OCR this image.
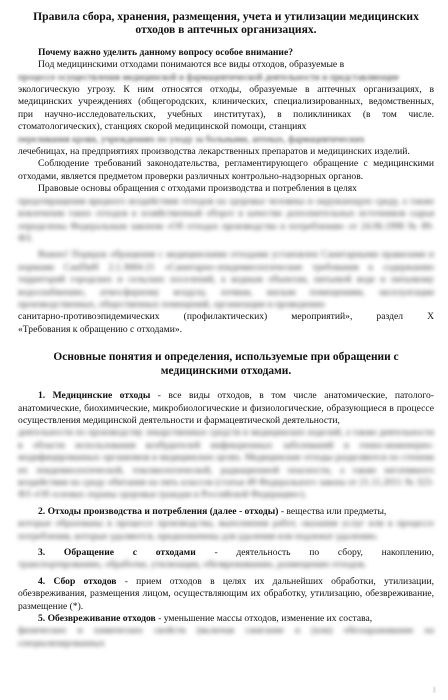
Правила сбора, хранения, размещения, учета и утилизации медицинских отходов в аптечных организациях.
Почему важно уделить данному вопросу особое внимание?

Под медицинскими отходами понимаются все виды отходов, образуемые в

процессе осуществления медицинской и фармацевтической деятельности и представляющие

экологическую угрозу. К ним относятся отходы, образуемые в аптечных организациях, в медицинских учреждениях (общегородских, клинических, специализированных, ведомственных, при научно-исследовательских, учебных институтах), в поликлиниках (в том числе. стоматологических), станциях скорой медицинской помощи, станциях

переливания крови, учреждениях по уходу за больными, аптеках, фармацевтических

лечебницах, на предприятиях производства лекарственных препаратов и медицинских изделий.

Соблюдение требований законодательства, регламентирующего обращение с медицинскими отходами, является предметом проверки различных контрольно-надзорных органов.

Правовые основы обращения с отходами производства и потребления в целях

предотвращения вредного воздействия отходов на здоровье человека и окружающую среду, а также вовлечения таких отходов в хозяйственный оборот в качестве дополнительных источников сырья определены Федеральным законом «Об отходах производства и потребления» от 24.06.1998 № 89-ФЗ.

Важно! Порядок обращения с медицинскими отходами установлен Санитарными правилами и нормами СанПиН 2.1.3684-21 «Санитарно-эпидемиологические требования к содержанию территорий городских и сельских поселений, к водным объектам, питьевой воде и питьевому водоснабжению, атмосферному воздуху, почвам, жилым помещениям, эксплуатации производственных, общественных помещений, организации и проведению

санитарно-противоэпидемических (профилактических) мероприятий», раздел X

«Требования к обращению с отходами».

Основные понятия и определения, используемые при обращении с медицинскими отходами.

1. Медицинские отходы - все виды отходов, в том числе анатомические, патолого-анатомические, биохимические, микробиологические и физиологические, образующиеся в процессе осуществления медицинской деятельности и фармацевтической деятельности,

деятельности по производству лекарственных средств и медицинских изделий, а также деятельности в области использования возбудителей инфекционных заболеваний и генно-инженерно-модифицированных организмов в медицинских целях. Медицинские отходы разделяются по степени их эпидемиологической, токсикологической, радиационной опасности, а также негативного воздействия на среду обитания на пять классов (статья 49 Федерального закона от 21.11.2011 № 323-ФЗ «Об основах охраны здоровья граждан в Российской Федерации»).

2. Отходы производства и потребления (далее - отходы) - вещества или предметы,

которые образованы в процессе производства, выполнения работ, оказания услуг или в процессе потребления, которые удаляются, предназначены для удаления или подлежат удалению.

3. Обращение с отходами - деятельность по сбору, накоплению,

транспортированию, обработке, утилизации, обезвреживанию, размещению отходов.

4. Сбор отходов - прием отходов в целях их дальнейших обработки, утилизации, обезвреживания, размещения лицом, осуществляющим их обработку, утилизацию, обезвреживание, размещение (*).

5. Обезвреживание отходов - уменьшение массы отходов, изменение их состава,

физических и химических свойств (включая сжигание и (или) обеззараживание на специализированных

1
